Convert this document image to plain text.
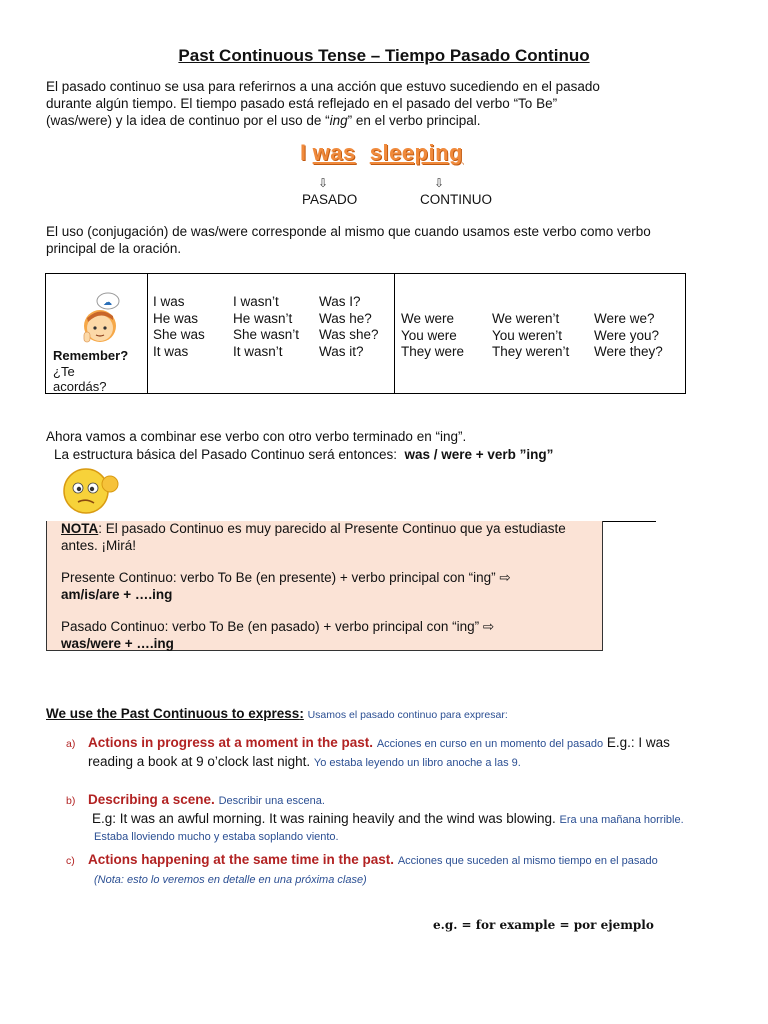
Past Continuous Tense – Tiempo Pasado Continuo
El pasado continuo se usa para referirnos a una acción que estuvo sucediendo en el pasado
durante algún tiempo. El tiempo pasado está reflejado en el pasado del verbo “To Be”
(was/were) y la idea de continuo por el uso de “ing” en el verbo principal.
I was sleeping
⇩	⇩
PASADO	CONTINUO
El uso (conjugación) de was/were corresponde al mismo que cuando usamos este verbo como verbo
principal de la oración.
☁
Remember?
¿Te
acordás?
I was	I wasn’t	Was I?
He was	He wasn’t	Was he?
She was	She wasn’t	Was she?
It was	It wasn’t	Was it?
We were	We weren’t	Were we?
You were	You weren’t	Were you?
They were	They weren’t	Were they?
Ahora vamos a combinar ese verbo con otro verbo terminado en “ing”.
La estructura básica del Pasado Continuo será entonces: was / were + verb ”ing”

NOTA: El pasado Continuo es muy parecido al Presente Continuo que ya estudiaste

antes. ¡Mirá!

Presente Continuo: verbo To Be (en presente) + verbo principal con “ing” ⇨

am/is/are + ….ing

Pasado Continuo: verbo To Be (en pasado) + verbo principal con “ing” ⇨

was/were + ….ing

We use the Past Continuous to express: Usamos el pasado continuo para expresar:
a) Actions in progress at a moment in the past. Acciones en curso en un momento del pasado E.g.: I was
reading a book at 9 o’clock last night. Yo estaba leyendo un libro anoche a las 9.
b) Describing a scene. Describir una escena.
E.g: It was an awful morning. It was raining heavily and the wind was blowing. Era una mañana horrible.
Estaba lloviendo mucho y estaba soplando viento.
c) Actions happening at the same time in the past. Acciones que suceden al mismo tiempo en el pasado
(Nota: esto lo veremos en detalle en una próxima clase)
e.g. = for example = por ejemplo
